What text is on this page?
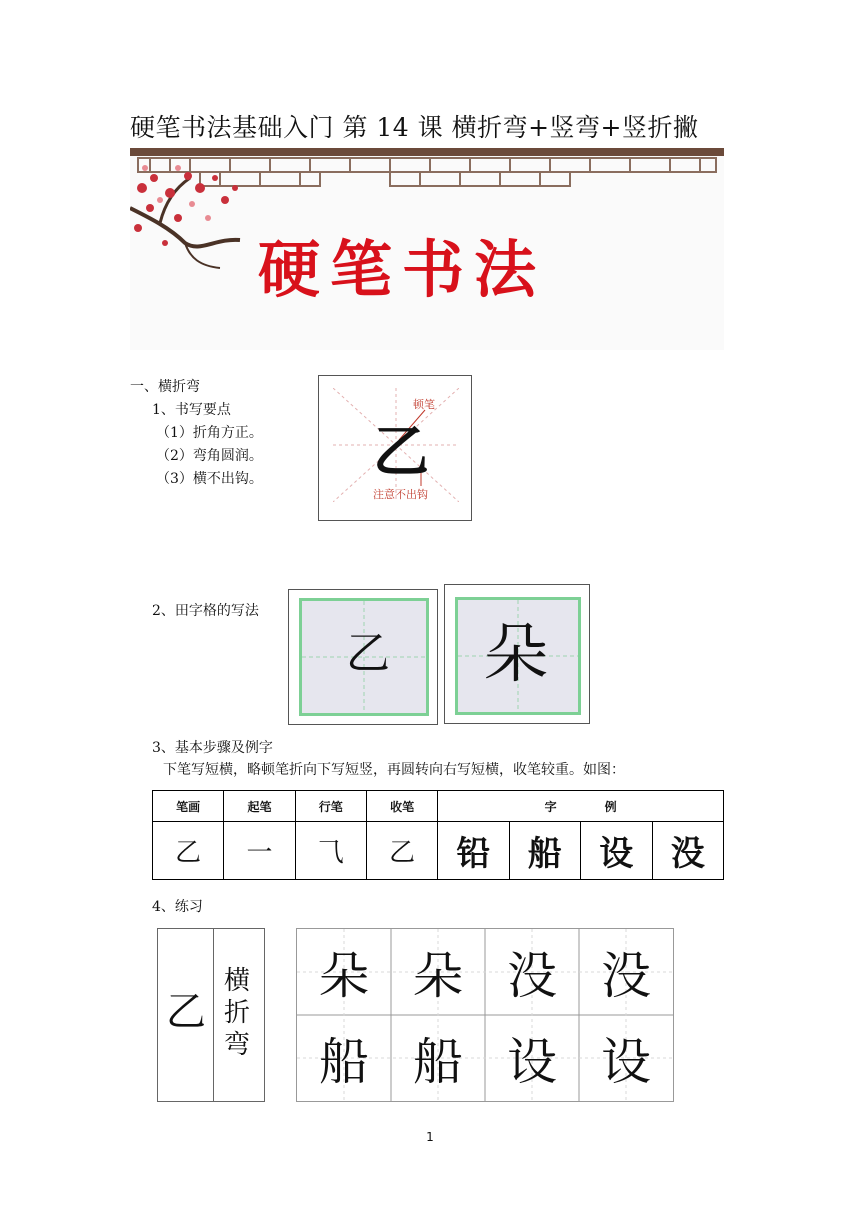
硬笔书法基础入门 第 14 课 横折弯+竖弯+竖折撇
硬笔书法
一、横折弯
1、书写要点
（1）折角方正。
（2）弯角圆润。
（3）横不出钩。 乙
顿笔
注意不出钩
2、田字格的写法
乙 朵
3、基本步骤及例字
下笔写短横，略顿笔折向下写短竖，再圆转向右写短横，收笔较重。如图：
笔画	起笔	行笔	收笔	字　　　　例			
乙	一	⺄	乙	铅	船	设	没
4、练习
乙
横
折
弯
朵 朵 没 没
船 船 设 设
1
